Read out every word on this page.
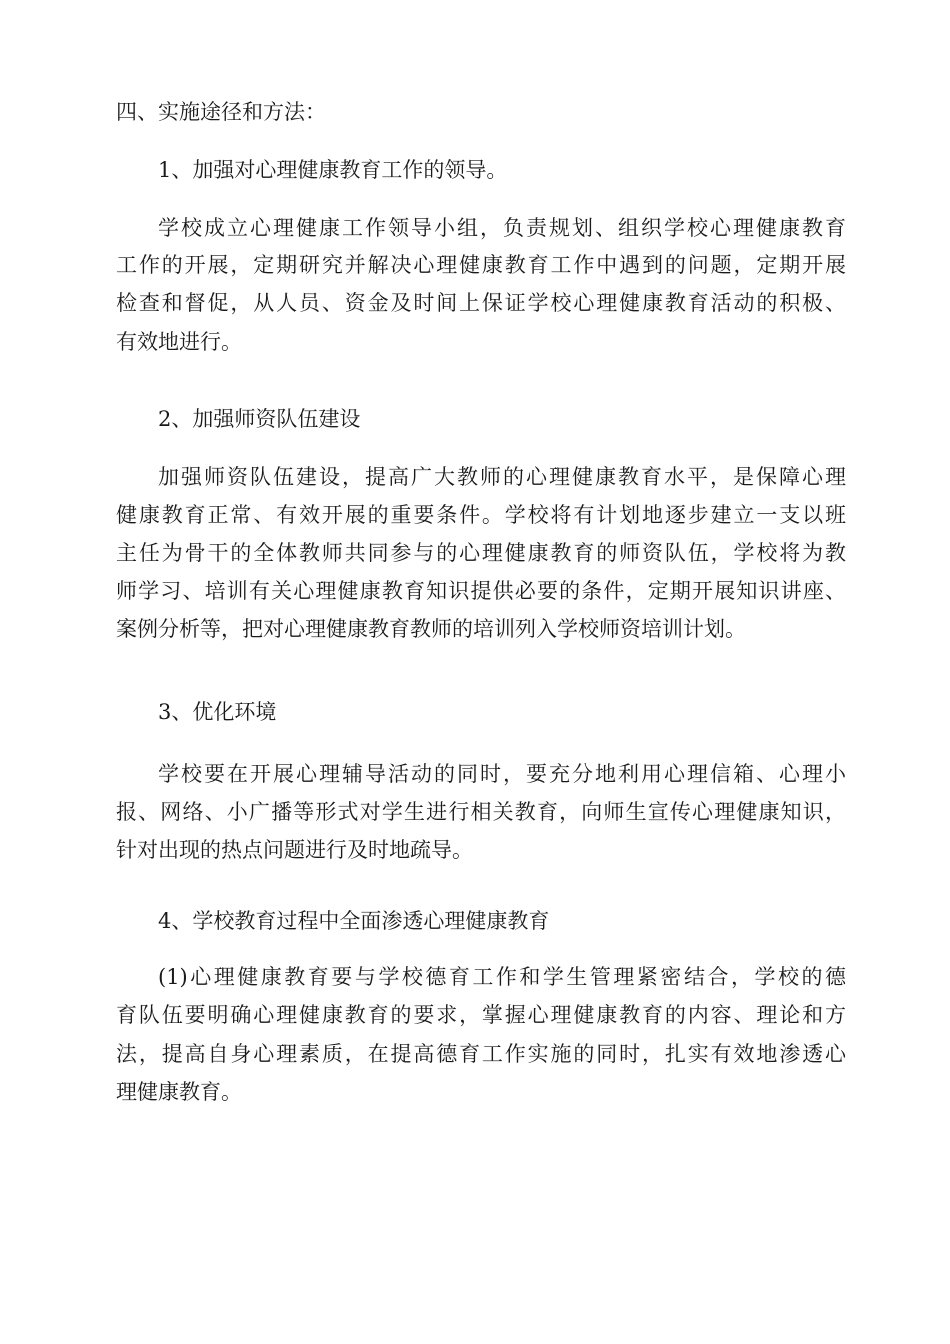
四、实施途径和方法：
1、加强对心理健康教育工作的领导。
学校成立心理健康工作领导小组，负责规划、组织学校心理健康教育
工作的开展，定期研究并解决心理健康教育工作中遇到的问题，定期开展
检查和督促，从人员、资金及时间上保证学校心理健康教育活动的积极、
有效地进行。
2、加强师资队伍建设
加强师资队伍建设，提高广大教师的心理健康教育水平，是保障心理
健康教育正常、有效开展的重要条件。学校将有计划地逐步建立一支以班
主任为骨干的全体教师共同参与的心理健康教育的师资队伍，学校将为教
师学习、培训有关心理健康教育知识提供必要的条件，定期开展知识讲座、
案例分析等，把对心理健康教育教师的培训列入学校师资培训计划。
3、优化环境
学校要在开展心理辅导活动的同时，要充分地利用心理信箱、心理小
报、网络、小广播等形式对学生进行相关教育，向师生宣传心理健康知识，
针对出现的热点问题进行及时地疏导。
4、学校教育过程中全面渗透心理健康教育
(1)心理健康教育要与学校德育工作和学生管理紧密结合，学校的德
育队伍要明确心理健康教育的要求，掌握心理健康教育的内容、理论和方
法，提高自身心理素质，在提高德育工作实施的同时，扎实有效地渗透心
理健康教育。
